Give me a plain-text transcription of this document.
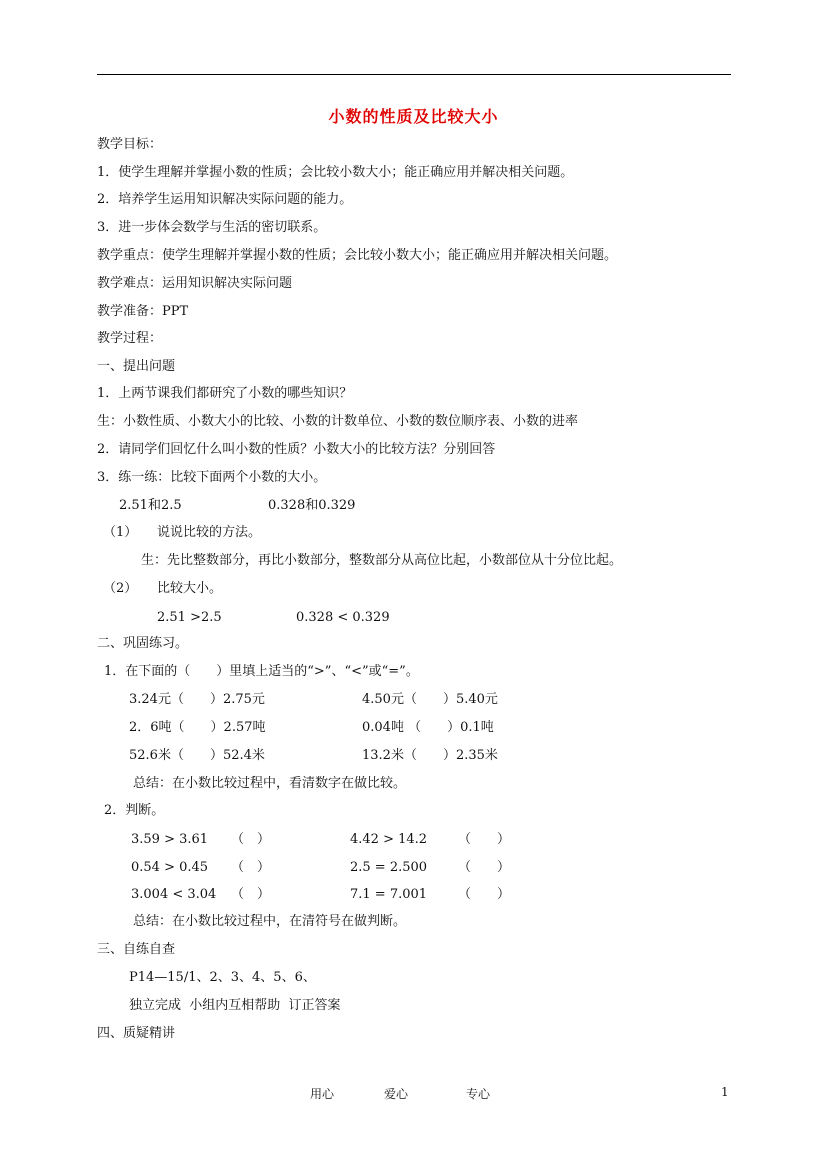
小数的性质及比较大小
教学目标：
1．使学生理解并掌握小数的性质；会比较小数大小；能正确应用并解决相关问题。
2．培养学生运用知识解决实际问题的能力。
3．进一步体会数学与生活的密切联系。
教学重点：使学生理解并掌握小数的性质；会比较小数大小；能正确应用并解决相关问题。
教学难点：运用知识解决实际问题
教学准备：PPT
教学过程：
一、提出问题
1．上两节课我们都研究了小数的哪些知识？
生：小数性质、小数大小的比较、小数的计数单位、小数的数位顺序表、小数的进率
2．请同学们回忆什么叫小数的性质？小数大小的比较方法？分别回答
3．练一练：比较下面两个小数的大小。
2.51和2.5	0.328和0.329
（1） 说说比较的方法。
生：先比整数部分，再比小数部分，整数部分从高位比起，小数部位从十分位比起。
（2） 比较大小。
2.51 >2.5	0.328 < 0.329
二、巩固练习。
1．在下面的（　　）里填上适当的“>”、“<”或“=”。
3.24元（　　）2.75元	4.50元（　　）5.40元
2．6吨（　　）2.57吨	0.04吨 （　　）0.1吨
52.6米（　　）52.4米	13.2米（　　）2.35米
总结：在小数比较过程中，看清数字在做比较。
2．判断。
3.59 > 3.61 （　）	4.42 > 14.2 （　　）
0.54 > 0.45 （　）	2.5 = 2.500 （　　）
3.004 < 3.04 （　）	7.1 = 7.001 （　　）
总结：在小数比较过程中，在清符号在做判断。
三、自练自查
P14—15/1、2、3、4、5、6、
独立完成  小组内互相帮助  订正答案
四、质疑精讲
用心	爱心	专心	1
